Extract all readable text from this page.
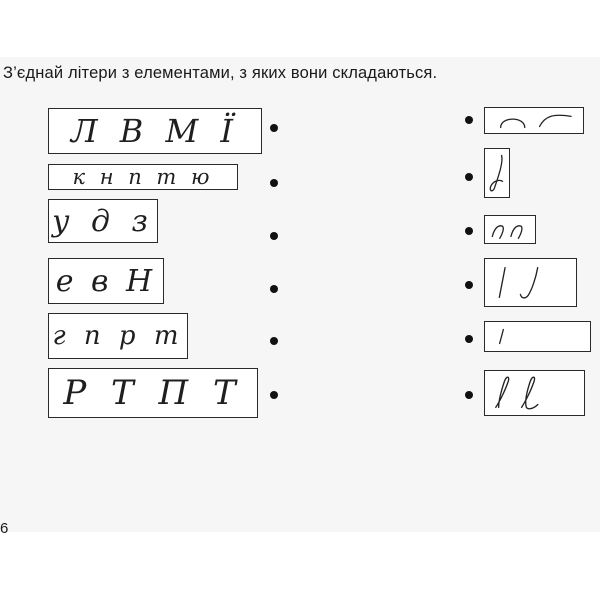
З’єднай літери з елементами, з яких вони складаються.
Л В М Ї
к н п т ю
у д з
е в Н
г п р т
Р Т П Т
6
